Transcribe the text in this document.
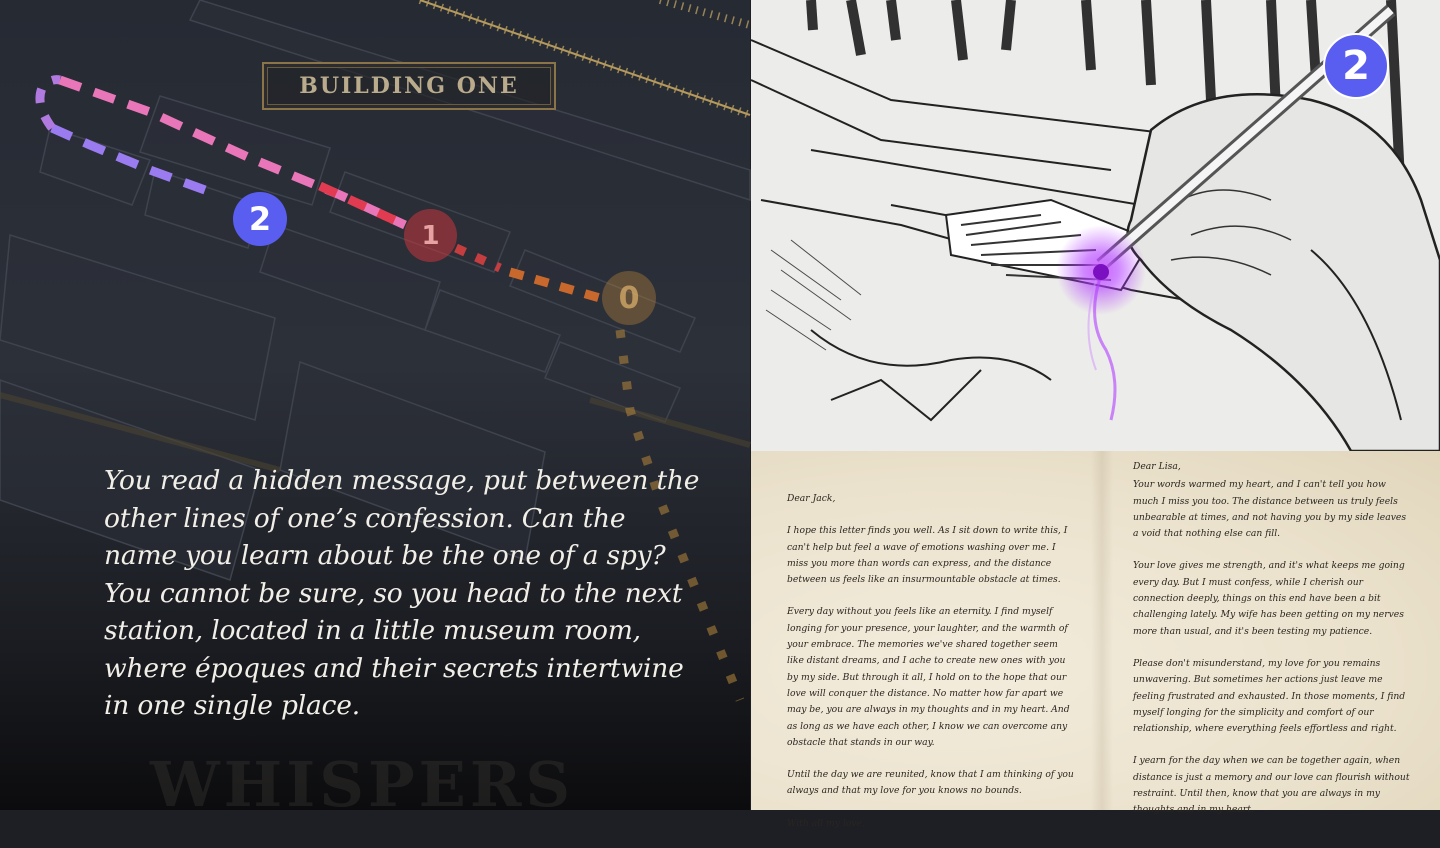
BUILDING ONE
2	1
0
WHISPERS
You read a hidden message, put between the other lines of one’s confession. Can the name you learn about be the one of a spy? You cannot be sure, so you head to the next station, located in a little museum room, where époques and their secrets intertwine in one single place.
2

Dear Jack,

I hope this letter finds you well. As I sit down to write this, I can't help but feel a wave of emotions washing over me. I miss you more than words can express, and the distance between us feels like an insurmountable obstacle at times.

Every day without you feels like an eternity. I find myself longing for your presence, your laughter, and the warmth of your embrace. The memories we've shared together seem like distant dreams, and I ache to create new ones with you by my side. But through it all, I hold on to the hope that our love will conquer the distance. No matter how far apart we may be, you are always in my thoughts and in my heart. And as long as we have each other, I know we can overcome any obstacle that stands in our way.

Until the day we are reunited, know that I am thinking of you always and that my love for you knows no bounds.

With all my love,

Dear Lisa,

Your words warmed my heart, and I can't tell you how much I miss you too. The distance between us truly feels unbearable at times, and not having you by my side leaves a void that nothing else can fill.

Your love gives me strength, and it's what keeps me going every day. But I must confess, while I cherish our connection deeply, things on this end have been a bit challenging lately. My wife has been getting on my nerves more than usual, and it's been testing my patience.

Please don't misunderstand, my love for you remains unwavering. But sometimes her actions just leave me feeling frustrated and exhausted. In those moments, I find myself longing for the simplicity and comfort of our relationship, where everything feels effortless and right.

I yearn for the day when we can be together again, when distance is just a memory and our love can flourish without restraint. Until then, know that you are always in my thoughts and in my heart.
